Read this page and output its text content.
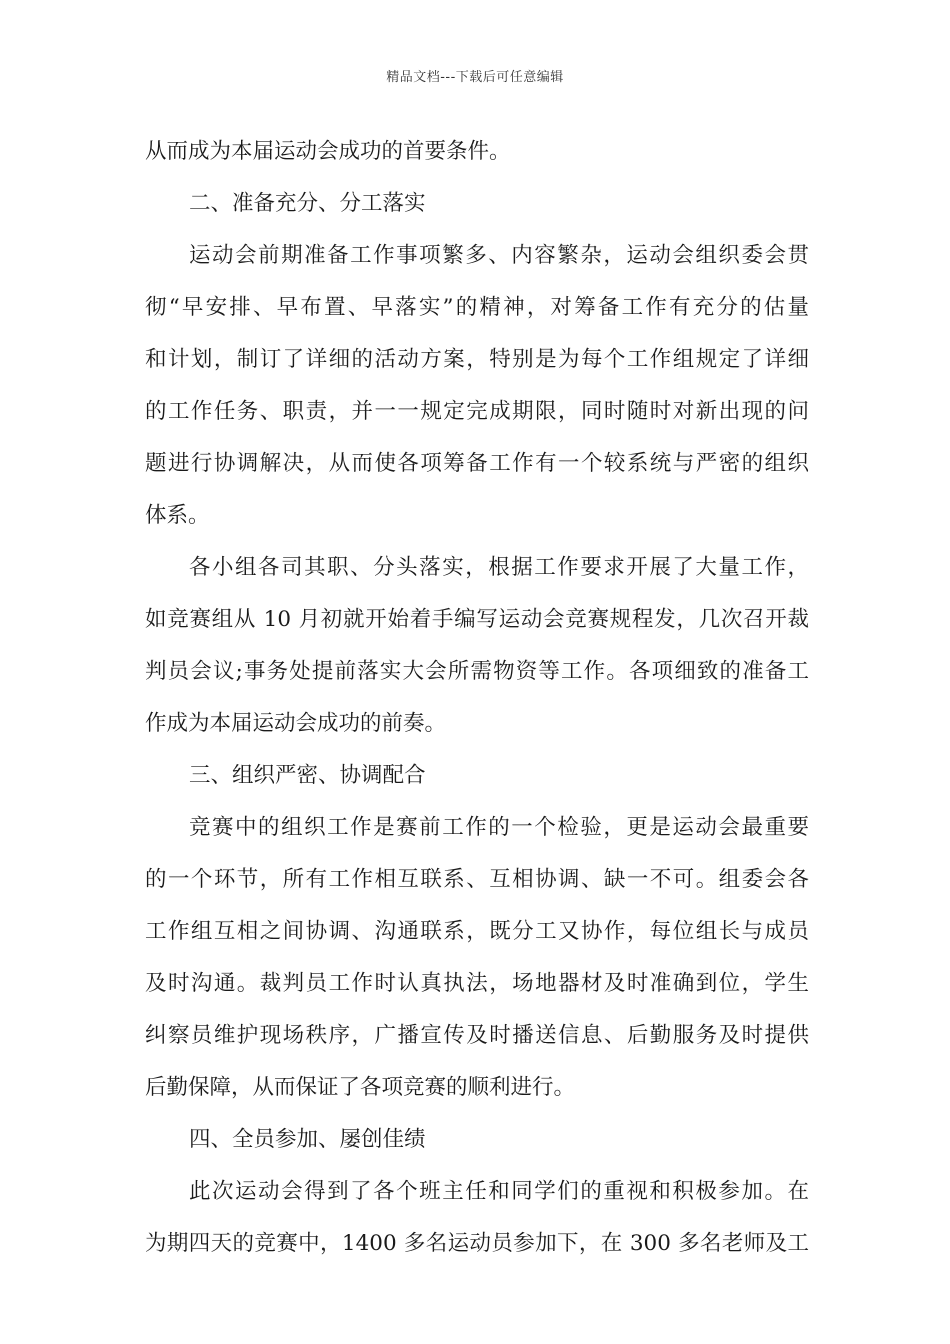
精品文档---下载后可任意编辑
从而成为本届运动会成功的首要条件。
二、准备充分、分工落实
运动会前期准备工作事项繁多、内容繁杂，运动会组织委会贯
彻“早安排、早布置、早落实”的精神，对筹备工作有充分的估量
和计划，制订了详细的活动方案，特别是为每个工作组规定了详细
的工作任务、职责，并一一规定完成期限，同时随时对新出现的问
题进行协调解决，从而使各项筹备工作有一个较系统与严密的组织
体系。
各小组各司其职、分头落实，根据工作要求开展了大量工作，
如竞赛组从 10 月初就开始着手编写运动会竞赛规程发，几次召开裁
判员会议;事务处提前落实大会所需物资等工作。各项细致的准备工
作成为本届运动会成功的前奏。
三、组织严密、协调配合
竞赛中的组织工作是赛前工作的一个检验，更是运动会最重要
的一个环节，所有工作相互联系、互相协调、缺一不可。组委会各
工作组互相之间协调、沟通联系，既分工又协作，每位组长与成员
及时沟通。裁判员工作时认真执法，场地器材及时准确到位，学生
纠察员维护现场秩序，广播宣传及时播送信息、后勤服务及时提供
后勤保障，从而保证了各项竞赛的顺利进行。
四、全员参加、屡创佳绩
此次运动会得到了各个班主任和同学们的重视和积极参加。在
为期四天的竞赛中，1400 多名运动员参加下，在 300 多名老师及工
